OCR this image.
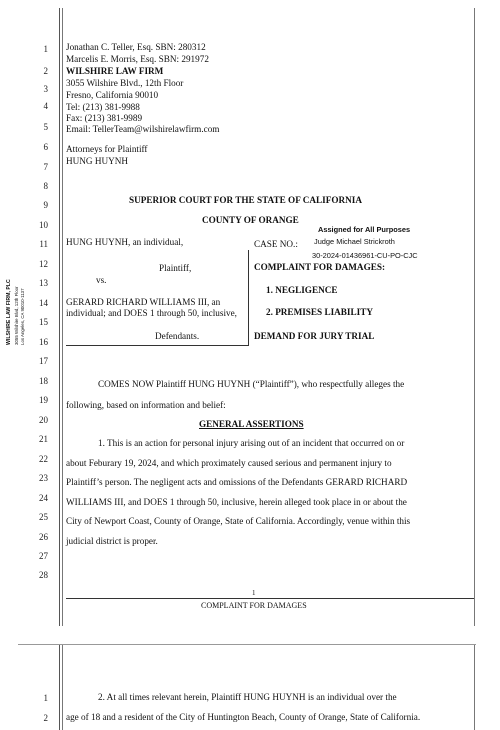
1
2
3
4
5
6
7
8
9
10
11
12
13
14
15
16
17
18
19
20
21
22
23
24
25
26
27
28
Jonathan C. Teller, Esq. SBN: 280312
Marcelis E. Morris, Esq. SBN: 291972
WILSHIRE LAW FIRM
3055 Wilshire Blvd., 12th Floor
Fresno, California 90010
Tel: (213) 381-9988
Fax: (213) 381-9989
Email: TellerTeam@wilshirelawfirm.com
Attorneys for Plaintiff
HUNG HUYNH
SUPERIOR COURT FOR THE STATE OF CALIFORNIA
COUNTY OF ORANGE
Assigned for All Purposes
Judge Michael Strickroth
30-2024-01436961-CU-PO-CJC
HUNG HUYNH, an individual,
Plaintiff,
vs.
GERARD RICHARD WILLIAMS III, an
individual; and DOES 1 through 50, inclusive,
Defendants.
CASE NO.:
COMPLAINT FOR DAMAGES:
1. NEGLIGENCE
2. PREMISES LIABILITY
DEMAND FOR JURY TRIAL
COMES NOW Plaintiff HUNG HUYNH (“Plaintiff”), who respectfully alleges the
following, based on information and belief:
GENERAL ASSERTIONS
1. This is an action for personal injury arising out of an incident that occurred on or
about Feburary 19, 2024, and which proximately caused serious and permanent injury to
Plaintiff’s person. The negligent acts and omissions of the Defendants GERARD RICHARD
WILLIAMS III, and DOES 1 through 50, inclusive, herein alleged took place in or about the
City of Newport Coast, County of Orange, State of California. Accordingly, venue within this
judicial district is proper.
1
COMPLAINT FOR DAMAGES
WILSHIRE LAW FIRM, PLC 3055 Wilshire Blvd, 12th Floor Los Angeles, CA 90010-1137
1
2
2. At all times relevant herein, Plaintiff HUNG HUYNH is an individual over the
age of 18 and a resident of the City of Huntington Beach, County of Orange, State of California.
